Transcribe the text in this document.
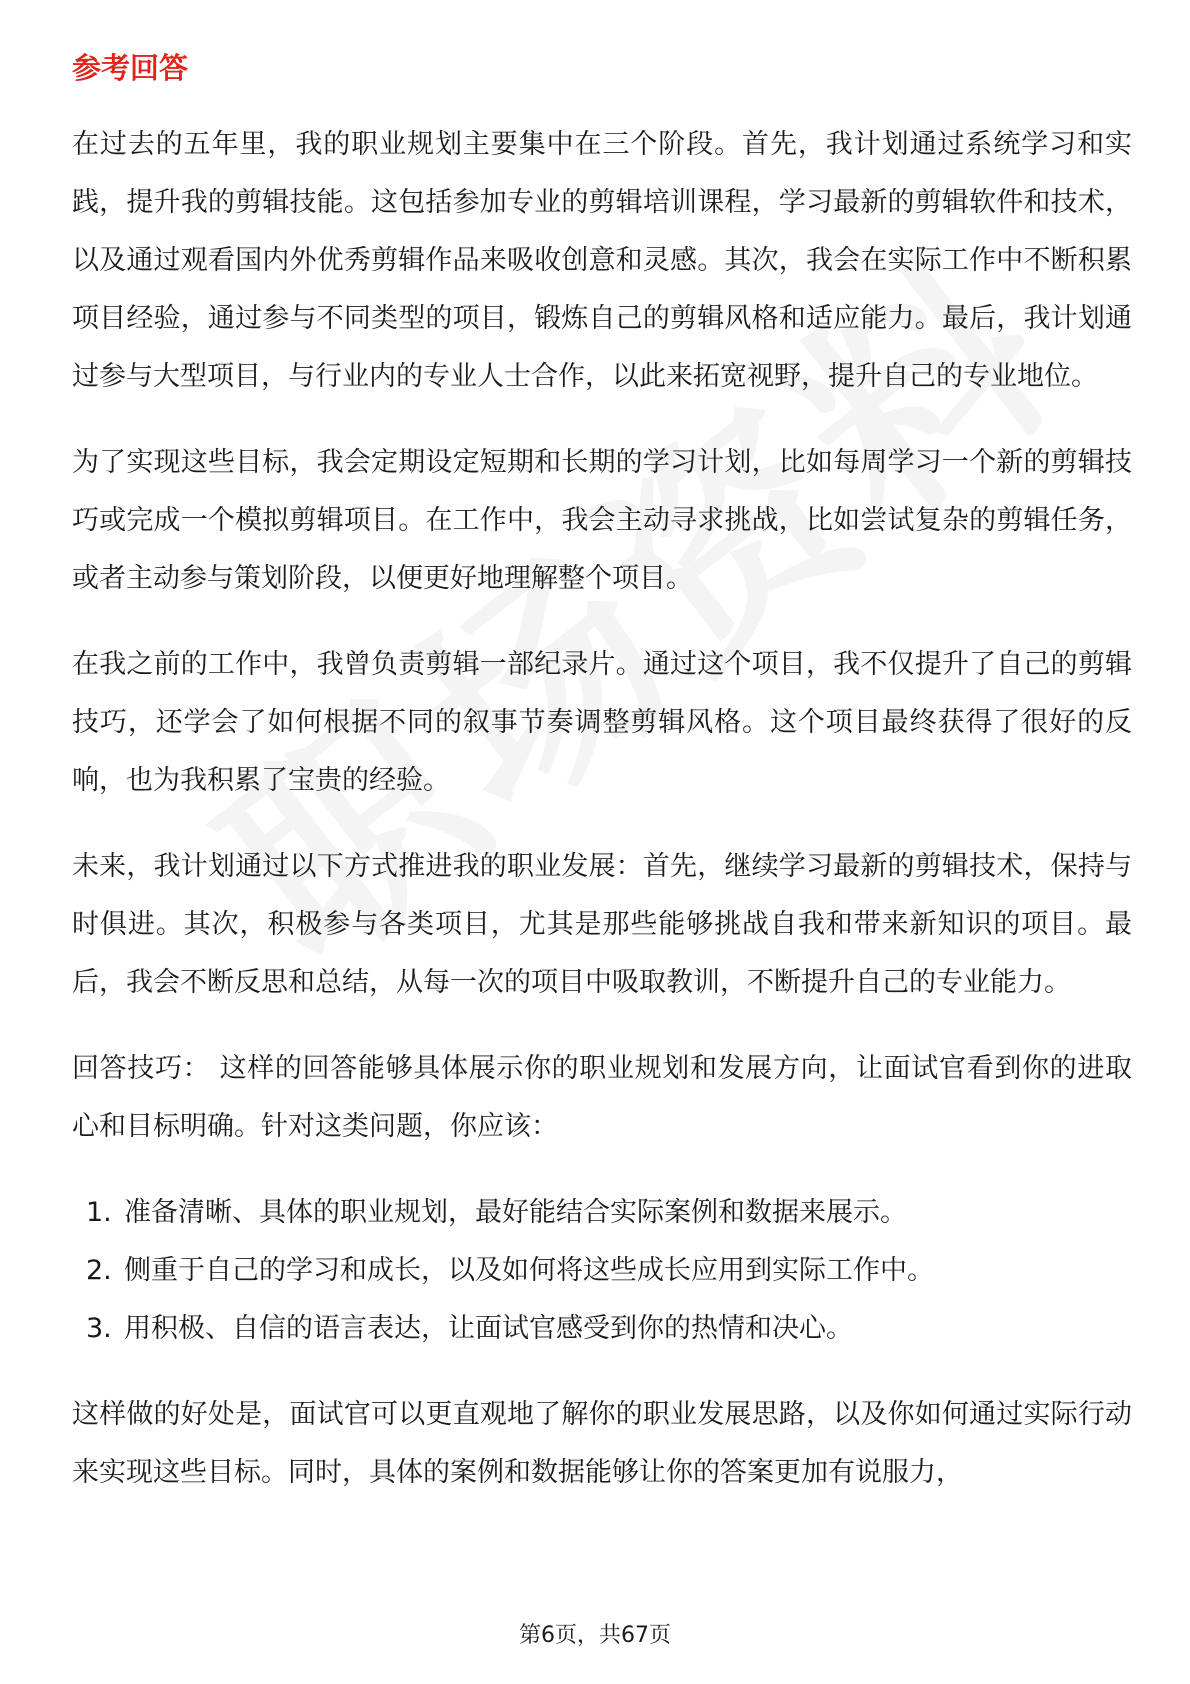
参考回答

在过去的五年里，我的职业规划主要集中在三个阶段。首先，我计划通过系统学习和实践，提升我的剪辑技能。这包括参加专业的剪辑培训课程，学习最新的剪辑软件和技术，以及通过观看国内外优秀剪辑作品来吸收创意和灵感。其次，我会在实际工作中不断积累项目经验，通过参与不同类型的项目，锻炼自己的剪辑风格和适应能力。最后，我计划通过参与大型项目，与行业内的专业人士合作，以此来拓宽视野，提升自己的专业地位。

为了实现这些目标，我会定期设定短期和长期的学习计划，比如每周学习一个新的剪辑技巧或完成一个模拟剪辑项目。在工作中，我会主动寻求挑战，比如尝试复杂的剪辑任务，或者主动参与策划阶段，以便更好地理解整个项目。

在我之前的工作中，我曾负责剪辑一部纪录片。通过这个项目，我不仅提升了自己的剪辑技巧，还学会了如何根据不同的叙事节奏调整剪辑风格。这个项目最终获得了很好的反响，也为我积累了宝贵的经验。

未来，我计划通过以下方式推进我的职业发展：首先，继续学习最新的剪辑技术，保持与时俱进。其次，积极参与各类项目，尤其是那些能够挑战自我和带来新知识的项目。最后，我会不断反思和总结，从每一次的项目中吸取教训，不断提升自己的专业能力。

回答技巧： 这样的回答能够具体展示你的职业规划和发展方向，让面试官看到你的进取心和目标明确。针对这类问题，你应该：

1. 准备清晰、具体的职业规划，最好能结合实际案例和数据来展示。
2. 侧重于自己的学习和成长，以及如何将这些成长应用到实际工作中。
3. 用积极、自信的语言表达，让面试官感受到你的热情和决心。

这样做的好处是，面试官可以更直观地了解你的职业发展思路，以及你如何通过实际行动来实现这些目标。同时，具体的案例和数据能够让你的答案更加有说服力，

第6页，共67页
